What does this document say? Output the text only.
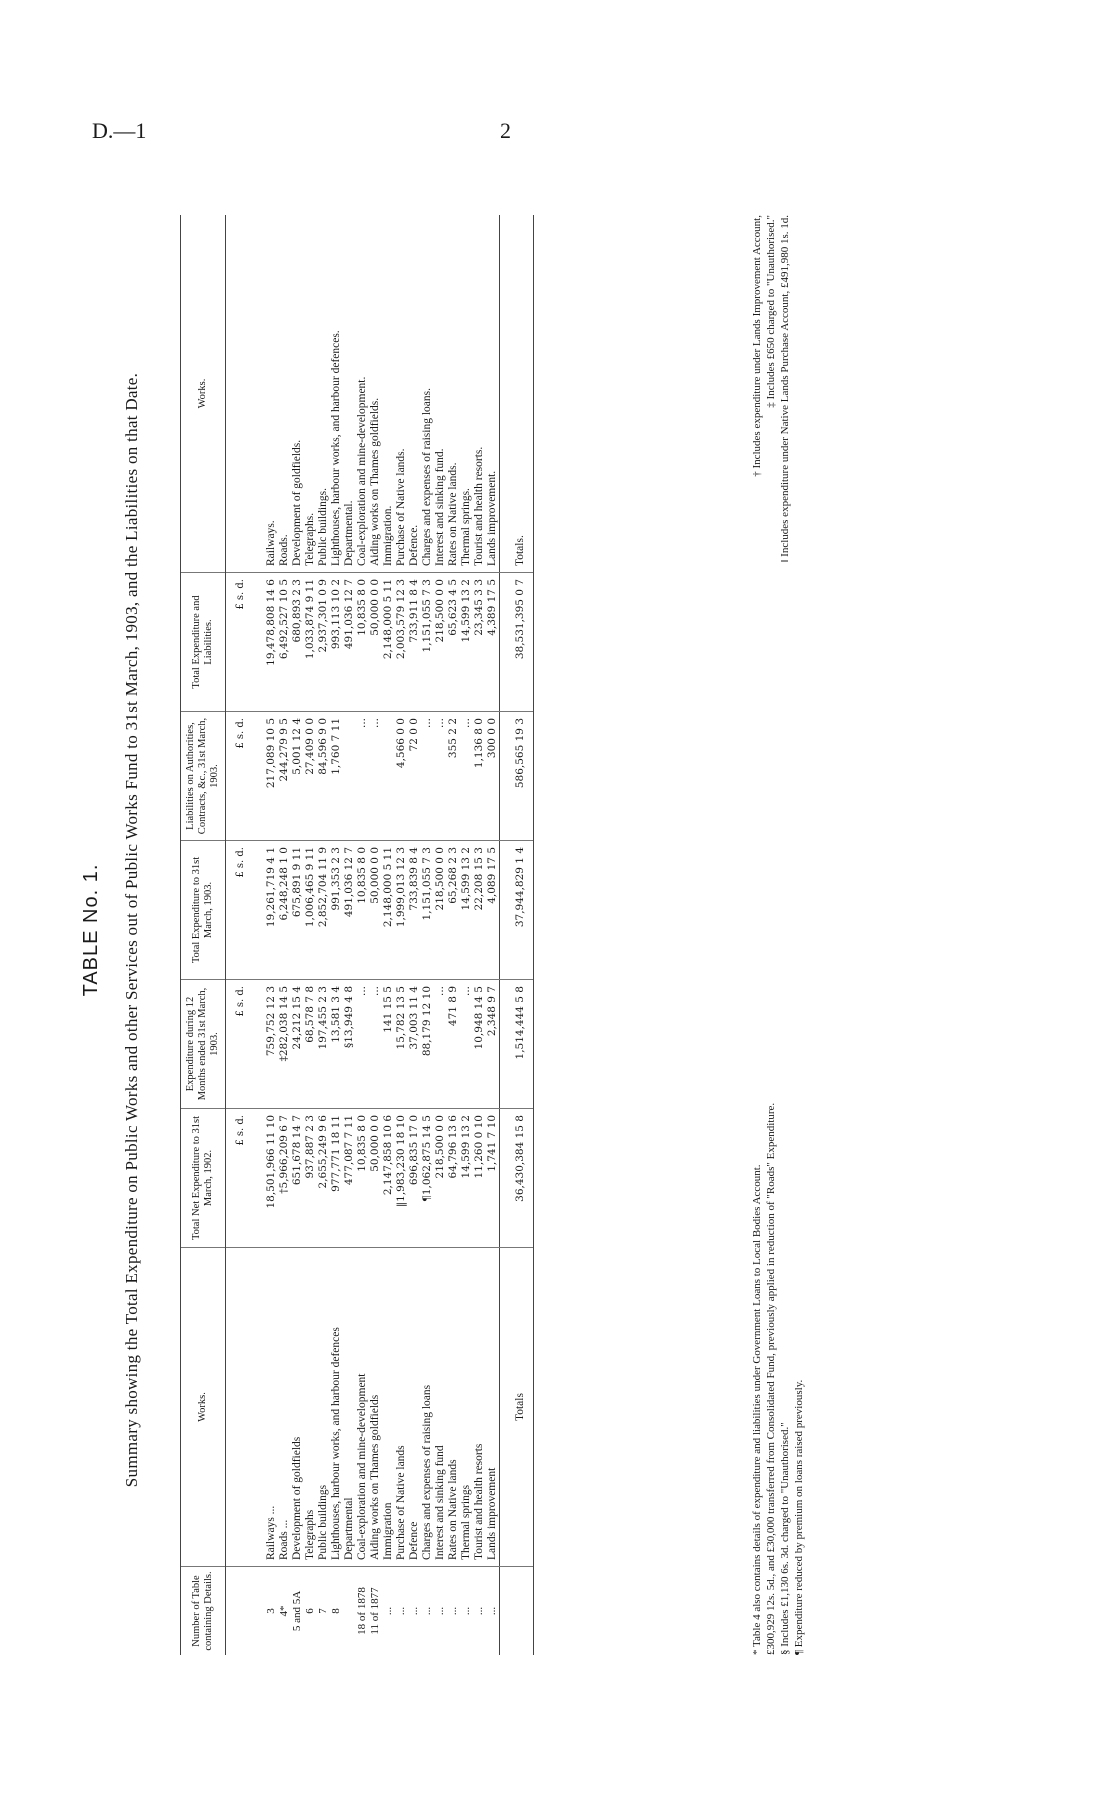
D.—1	2
TABLE No. 1. Summary showing the Total Expenditure on Public Works and other Services out of Public Works Fund to 31st March, 1903, and the Liabilities on that Date.
Number of Table containing Details.	Works.	Total Net Expenditure to 31st March, 1902.	Expenditure during 12 Months ended 31st March, 1903.	Total Expenditure to 31st March, 1903.	Liabilities on Authorities, Contracts, &c., 31st March, 1903.	Total Expenditure and Liabilities.	Works.
		£ s. d.	£ s. d.	£ s. d.	£ s. d.	£ s. d.	
3	Railways ...	18,501,966 11 10	759,752 12 3	19,261,719 4 1	217,089 10 5	19,478,808 14 6	Railways.
4*	Roads ...	†5,966,209 6 7	‡282,038 14 5	6,248,248 1 0	244,279 9 5	6,492,527 10 5	Roads.
5 and 5A	Development of goldfields	651,678 14 7	24,212 15 4	675,891 9 11	5,001 12 4	680,893 2 3	Development of goldfields.
6	Telegraphs	937,887 2 3	68,578 7 8	1,006,465 9 11	27,409 0 0	1,033,874 9 11	Telegraphs.
7	Public buildings	2,655,249 9 6	197,455 2 3	2,852,704 11 9	84,596 9 0	2,937,301 0 9	Public buildings.
8	Lighthouses, harbour works, and harbour defences	977,771 18 11	13,581 3 4	991,353 2 3	1,760 7 11	993,113 10 2	Lighthouses, harbour works, and harbour defences.
	Departmental	477,087 7 11	§13,949 4 8	491,036 12 7		491,036 12 7	Departmental.
18 of 1878	Coal-exploration and mine-development	10,835 8 0	...	10,835 8 0	...	10,835 8 0	Coal-exploration and mine-development.
11 of 1877	Aiding works on Thames goldfields	50,000 0 0	...	50,000 0 0	...	50,000 0 0	Aiding works on Thames goldfields.
...	Immigration	2,147,858 10 6	141 15 5	2,148,000 5 11		2,148,000 5 11	Immigration.
...	Purchase of Native lands	‖1,983,230 18 10	15,782 13 5	1,999,013 12 3	4,566 0 0	2,003,579 12 3	Purchase of Native lands.
...	Defence	696,835 17 0	37,003 11 4	733,839 8 4	72 0 0	733,911 8 4	Defence.
...	Charges and expenses of raising loans	¶1,062,875 14 5	88,179 12 10	1,151,055 7 3	...	1,151,055 7 3	Charges and expenses of raising loans.
...	Interest and sinking fund	218,500 0 0	...	218,500 0 0	...	218,500 0 0	Interest and sinking fund.
...	Rates on Native lands	64,796 13 6	471 8 9	65,268 2 3	355 2 2	65,623 4 5	Rates on Native lands.
...	Thermal springs	14,599 13 2	...	14,599 13 2	...	14,599 13 2	Thermal springs.
...	Tourist and health resorts	11,260 0 10	10,948 14 5	22,208 15 3	1,136 8 0	23,345 3 3	Tourist and health resorts.
...	Lands improvement	1,741 7 10	2,348 9 7	4,089 17 5	300 0 0	4,389 17 5	Lands improvement.
	Totals	36,430,384 15 8	1,514,444 5 8	37,944,829 1 4	586,565 19 3	38,531,395 0 7	Totals.

* Table 4 also contains details of expenditure and liabilities under Government Loans to Local Bodies Account.

† Includes expenditure under Lands Improvement Account,

£300,929 12s. 5d., and £30,000 transferred from Consolidated Fund, previously applied in reduction of "Roads" Expenditure.

‡ Includes £650 charged to "Unauthorised."

§ Includes £1,130 6s. 3d. charged to "Unauthorised."

‖ Includes expenditure under Native Lands Purchase Account, £491,980 1s. 1d.

¶ Expenditure reduced by premium on loans raised previously.
